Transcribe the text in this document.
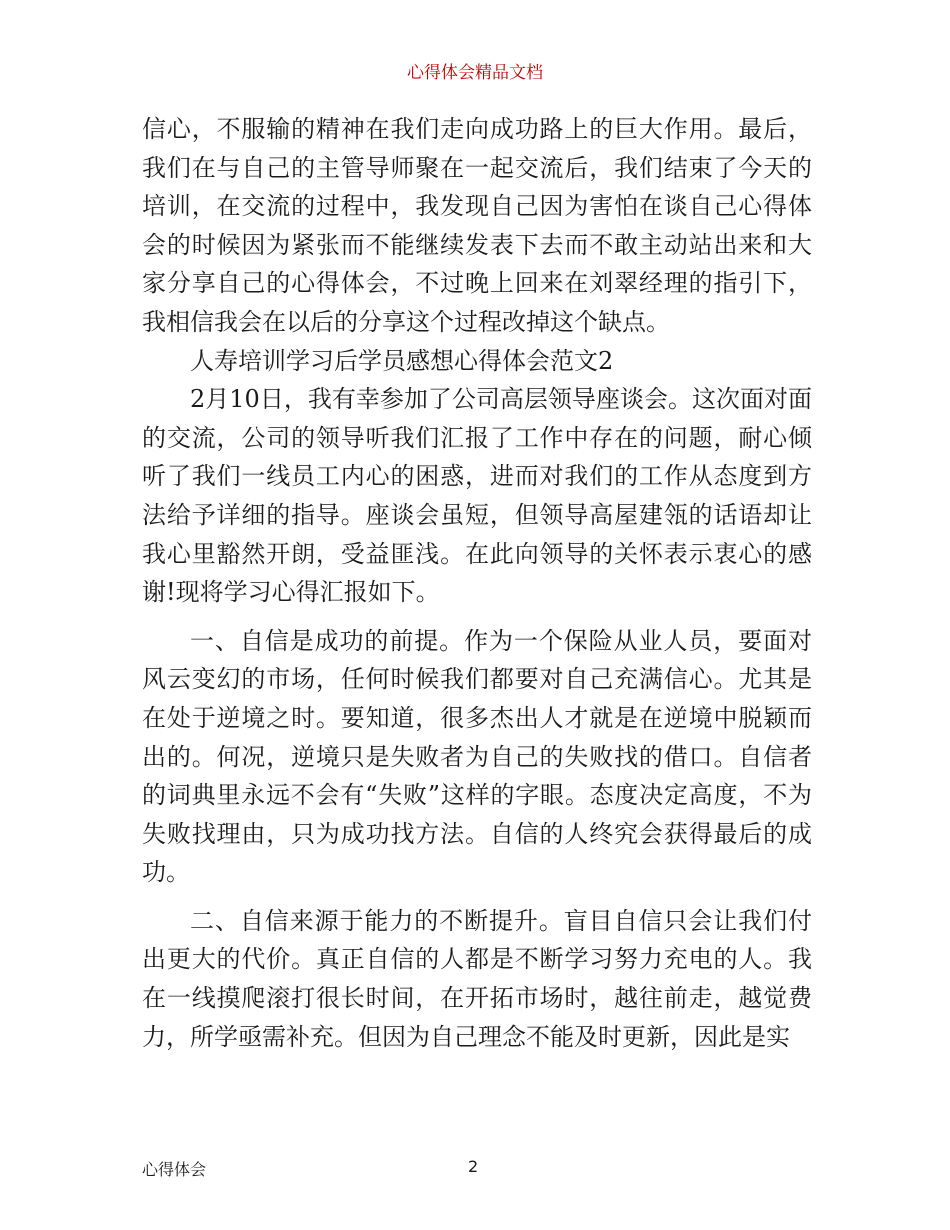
心得体会精品文档

信心，不服输的精神在我们走向成功路上的巨大作用。最后，我们在与自己的主管导师聚在一起交流后，我们结束了今天的培训，在交流的过程中，我发现自己因为害怕在谈自己心得体会的时候因为紧张而不能继续发表下去而不敢主动站出来和大家分享自己的心得体会，不过晚上回来在刘翠经理的指引下，我相信我会在以后的分享这个过程改掉这个缺点。

人寿培训学习后学员感想心得体会范文2

2月10日，我有幸参加了公司高层领导座谈会。这次面对面的交流，公司的领导听我们汇报了工作中存在的问题，耐心倾听了我们一线员工内心的困惑，进而对我们的工作从态度到方法给予详细的指导。座谈会虽短，但领导高屋建瓴的话语却让我心里豁然开朗，受益匪浅。在此向领导的关怀表示衷心的感谢!现将学习心得汇报如下。

一、自信是成功的前提。作为一个保险从业人员，要面对风云变幻的市场，任何时候我们都要对自己充满信心。尤其是在处于逆境之时。要知道，很多杰出人才就是在逆境中脱颖而出的。何况，逆境只是失败者为自己的失败找的借口。自信者的词典里永远不会有“失败”这样的字眼。态度决定高度，不为失败找理由，只为成功找方法。自信的人终究会获得最后的成功。

二、自信来源于能力的不断提升。盲目自信只会让我们付出更大的代价。真正自信的人都是不断学习努力充电的人。我在一线摸爬滚打很长时间，在开拓市场时，越往前走，越觉费力，所学亟需补充。但因为自己理念不能及时更新，因此是实

心得体会	2
